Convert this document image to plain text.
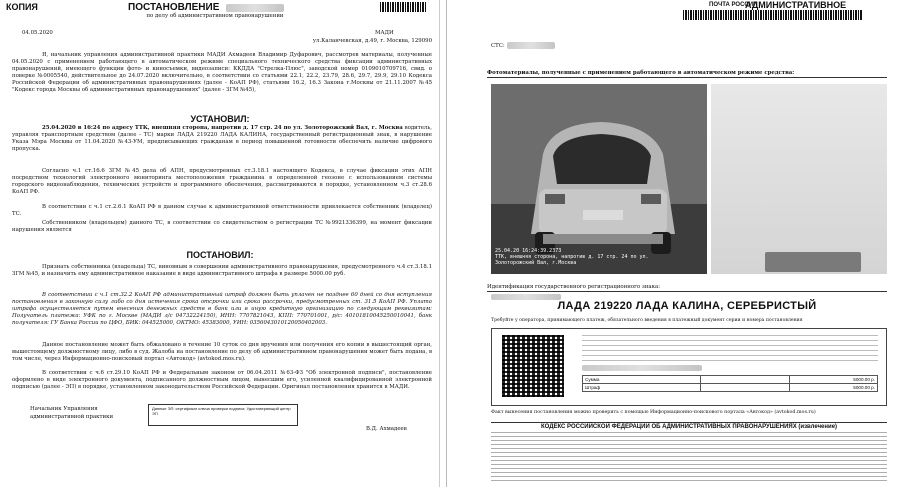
КОПИЯ	ПОСТАНОВЛЕНИЕ
по делу об административном правонарушении
04.05.2020	МАДИ
ул.Каланчевская, д.49, г. Москва, 129090
Я, начальник управления административной практики МАДИ Ахмадеев Владимир Дуфарович, рассмотрев материалы, полученные 04.05.2020 с применением работающего в автоматическом режиме специального технического средства фиксации административных правонарушений, имеющего функции фото- и киносъемки, видеозаписи: ККДДА "Стрелка-Плюс", заводской номер 0109010709716, свид. о поверке №0005540, действительное до 24.07.2020 включительно, в соответствии со статьями 22.1, 22.2, 23.79, 28.6, 29.7, 29.9, 29.10 Кодекса Российской Федерации об административных правонарушениях (далее - КоАП РФ), статьями 16.2, 16.3 Закона г.Москвы от 21.11.2007 №45 "Кодекс города Москвы об административных правонарушениях" (далее - ЗГМ №45),
УСТАНОВИЛ:
25.04.2020 в 16:24 по адресу ТТК, внешняя сторона, напротив д. 17 стр. 24 по ул. Золоторожский Вал, г. Москва водитель, управляя транспортным средством (далее - ТС) марки ЛАДА 219220 ЛАДА КАЛИНА, государственный регистрационный знак, в нарушение Указа Мэра Москвы от 11.04.2020 №43-УМ, предписывающих гражданам в период повышенной готовности обеспечить наличие цифрового пропуска.
Согласно ч.1 ст.16.6 ЗГМ №45 дела об АПН, предусмотренных ст.3.18.1 настоящего Кодекса, в случае фиксации этих АПН посредством технологий электронного мониторинга местоположения гражданина в определенной геозоне с использованием системы городского видеонаблюдения, технических устройств и программного обеспечения, рассматриваются в порядке, установленном ч.3 ст.28.6 КоАП РФ.
В соответствии с ч.1 ст.2.6.1 КоАП РФ в данном случае к административной ответственности привлекается собственник (владелец) ТС.
Собственником (владельцем) данного ТС, в соответствии со свидетельством о регистрации ТС №9921336399, на момент фиксации нарушения является
ПОСТАНОВИЛ:
Признать собственника (владельца) ТС, виновным в совершении административного правонарушения, предусмотренного ч.4 ст.3.18.1 ЗГМ №45, и назначить ему административное наказание в виде административного штрафа в размере 5000.00 руб.
В соответствии с ч.1 ст.32.2 КоАП РФ административный штраф должен быть уплачен не позднее 60 дней со дня вступления постановления в законную силу либо со дня истечения срока отсрочки или срока рассрочки, предусмотренных ст. 31.5 КоАП РФ. Уплата штрафа осуществляется путем внесения денежных средств в банк или в иную кредитную организацию по следующим реквизитам: Получатель платежа: УФК по г. Москве (МАДИ л/с 04732224150), ИНН: 7707821043, КПП: 770701001, р/с: 40101810045250010041, банк получателя: ГУ Банка России по ЦФО, БИК: 044525000, ОКТМО: 45383000, УИН: 0356043010120050402003.
Данное постановление может быть обжаловано в течение 10 суток со дня вручения или получения его копии в вышестоящий орган, вышестоящему должностному лицу, либо в суд. Жалоба на постановление по делу об административном правонарушении может быть подана, в том числе, через Информационно-поисковый портал «Автокод» (avtokod.mos.ru).
В соответствии с ч.6 ст.29.10 КоАП РФ и Федеральным законом от 06.04.2011 №63-ФЗ "Об электронной подписи", постановление оформлено в виде электронного документа, подписанного должностным лицом, вынесшим его, усиленной квалифицированной электронной подписью (далее - ЭП) в порядке, установленном законодательством Российской Федерации. Оригинал постановления хранится в МАДИ.
Начальник Управления
административной практики
Данные ЭП: сертификат ключа проверки подписи; Удостоверяющий центр ЭП
В.Д. Ахмадеев
ПОЧТА РОССИИ
АДМИНИСТРАТИВНОЕ
СТС:
Фотоматериалы, полученные с применением работающего в автоматическом режиме средства:
25.04.20 16:24:39.2373
ТТК, внешняя сторона, напротив д. 17 стр. 24 по ул.
Золоторожский Вал, г.Москва
Идентификация государственного регистрационного знака:
ЛАДА 219220 ЛАДА КАЛИНА, СЕРЕБРИСТЫЙ
Требуйте у оператора, принимающего платеж, обязательного введения в платежный документ серии и номера постановления
Сумма		5000.00 р.
Штраф		5000.00 р.
Факт вынесения постановления можно проверить с помощью Информационно-поискового портала «Автокод» (avtokod.mos.ru)
КОДЕКС РОССИЙСКОЙ ФЕДЕРАЦИИ ОБ АДМИНИСТРАТИВНЫХ ПРАВОНАРУШЕНИЯХ (извлечение)
